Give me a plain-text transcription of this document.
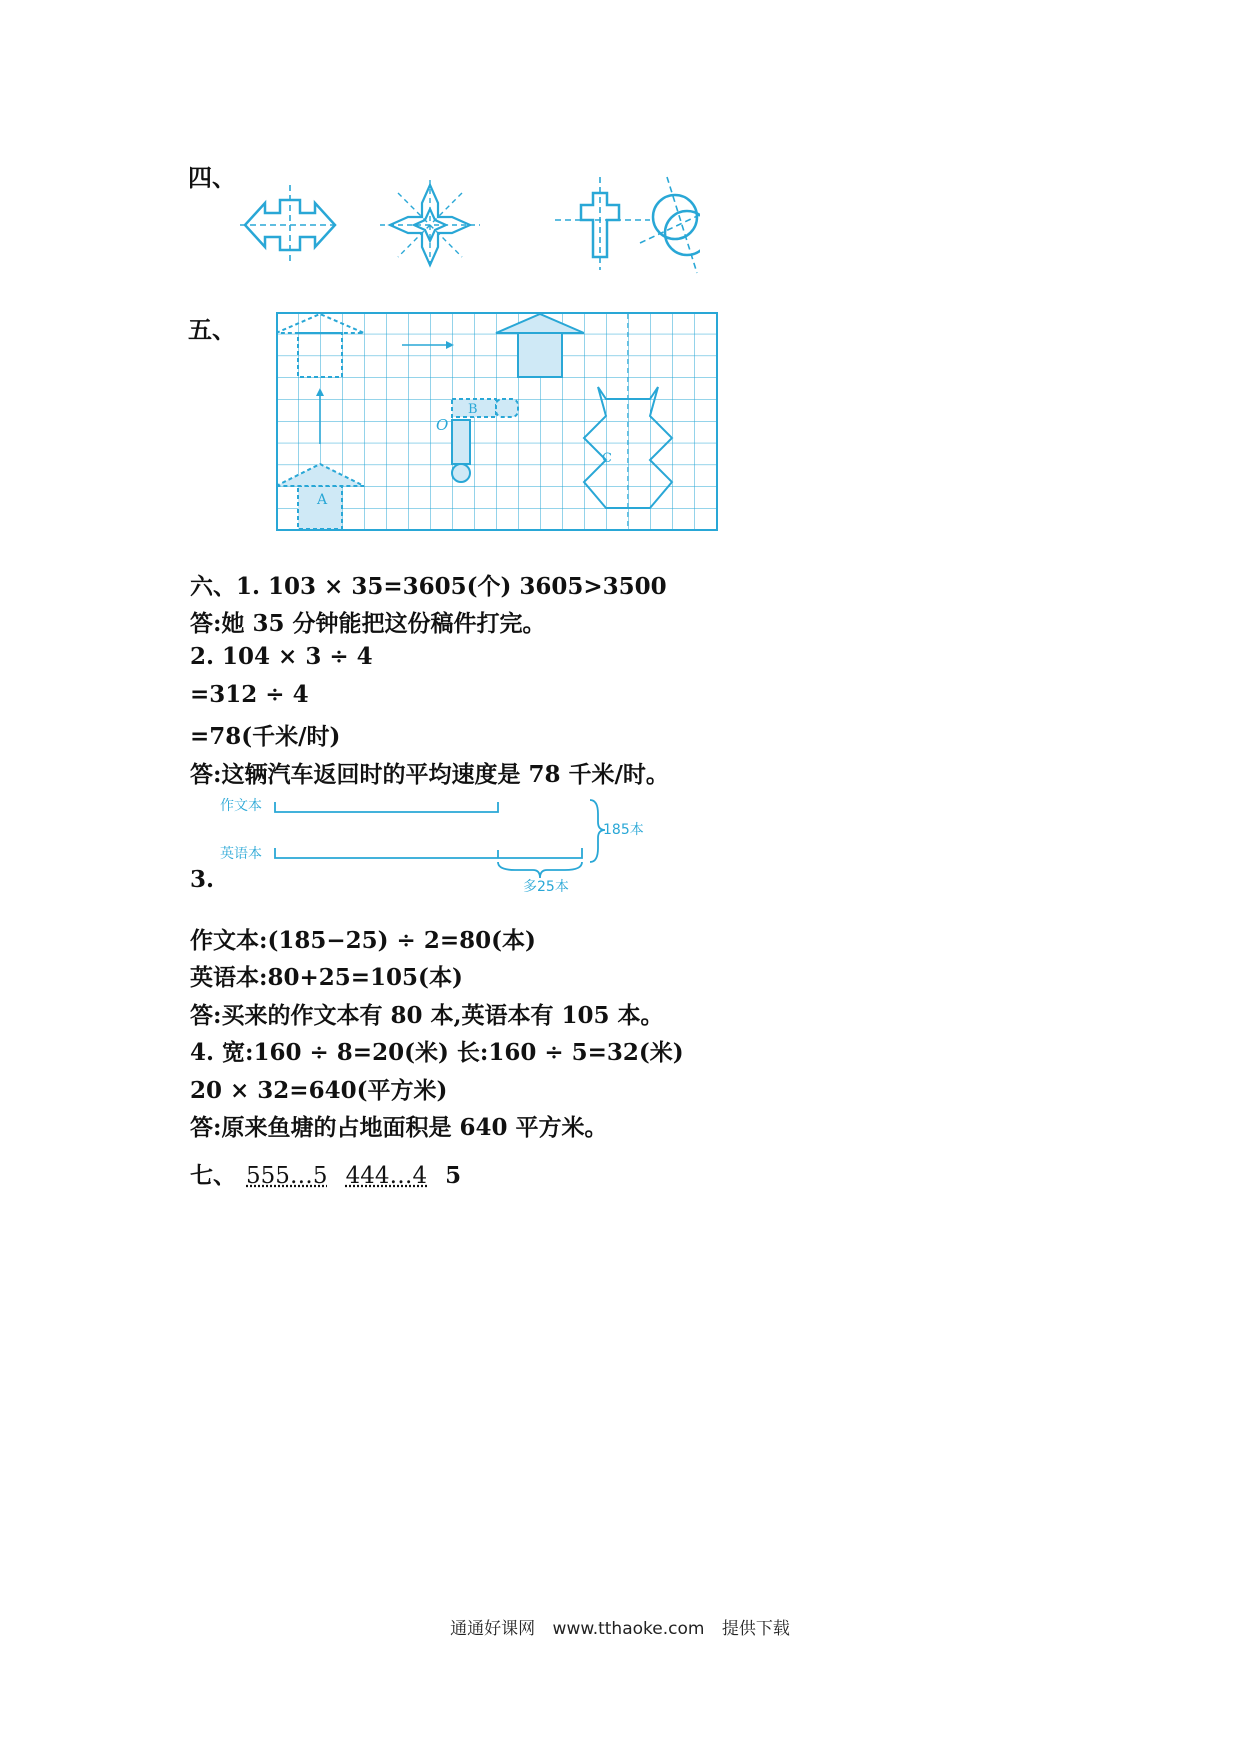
四、
五、
A
B
O
C
六、1. 103 × 35=3605(个) 3605>3500
答:她 35 分钟能把这份稿件打完。
2. 104 × 3 ÷ 4
=312 ÷ 4
=78(千米/时)
答:这辆汽车返回时的平均速度是 78 千米/时。
作文本
英语本
185本
多25本
3.
作文本:(185−25) ÷ 2=80(本)
英语本:80+25=105(本)
答:买来的作文本有 80 本,英语本有 105 本。
4. 宽:160 ÷ 8=20(米) 长:160 ÷ 5=32(米)
20 × 32=640(平方米)
答:原来鱼塘的占地面积是 640 平方米。
七、 555…5 444…4 5
通通好课网 www.tthaoke.com 提供下载
